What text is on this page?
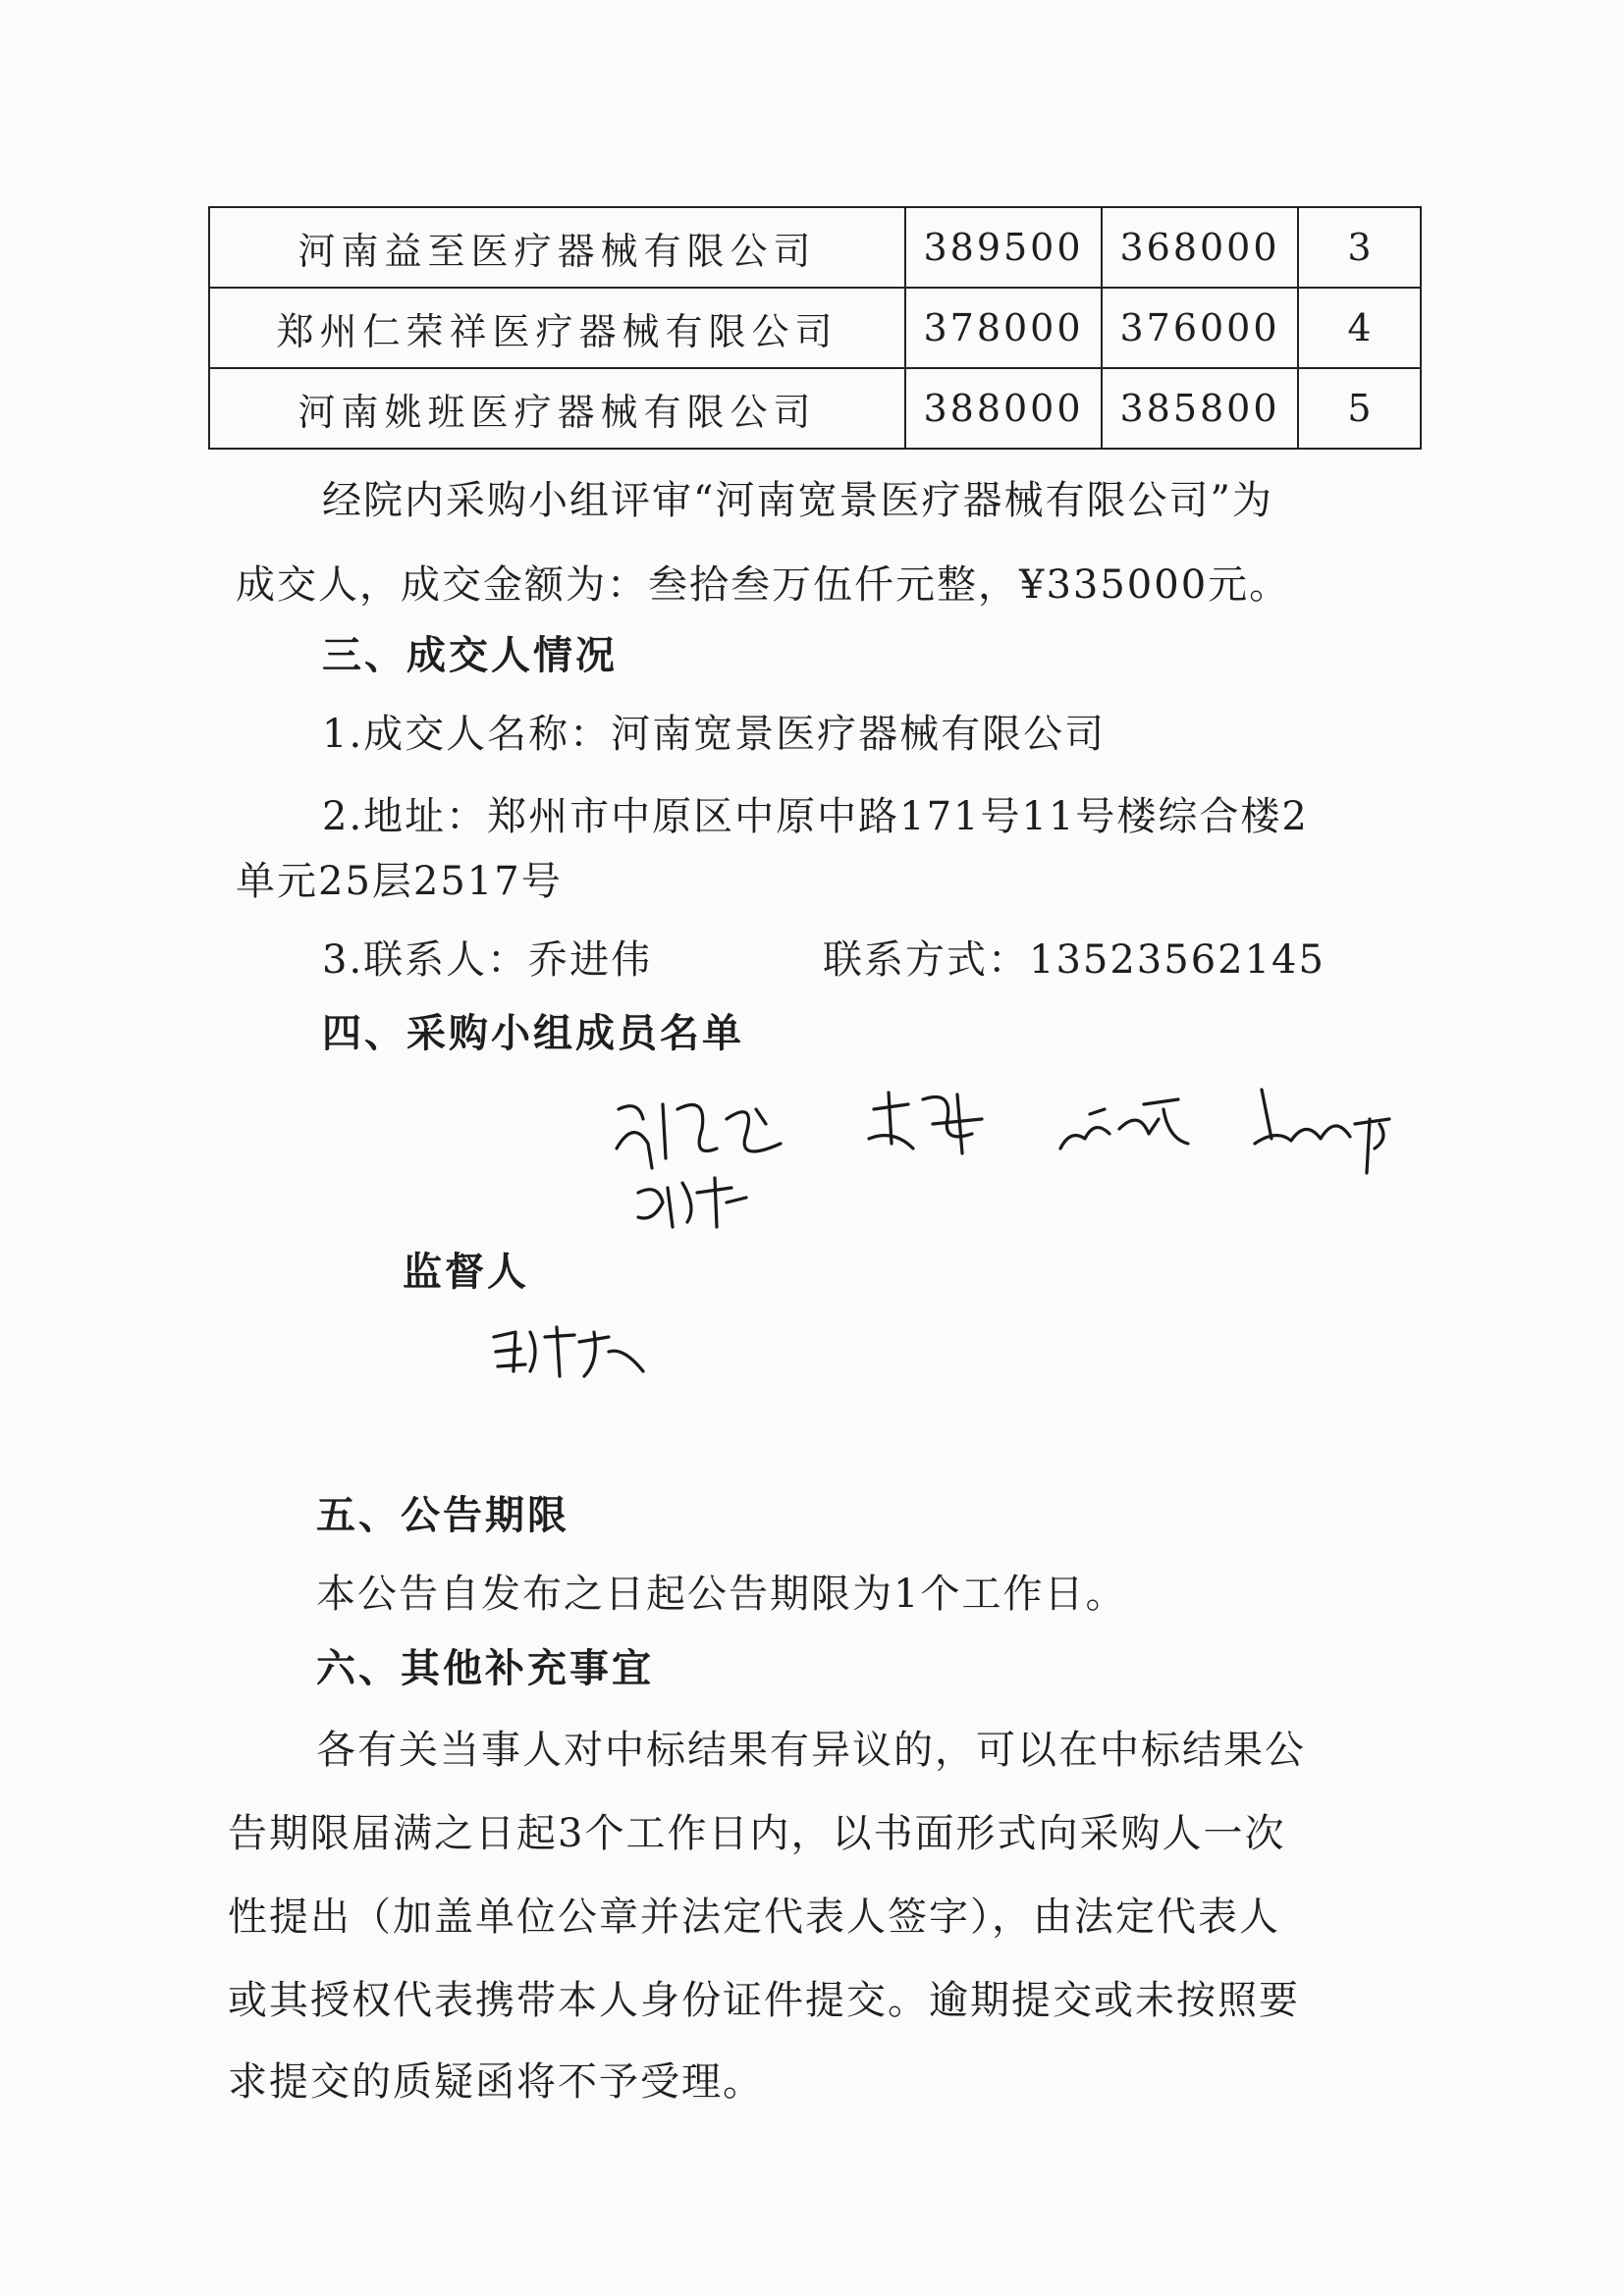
河南益至医疗器械有限公司	389500	368000	3
郑州仁荣祥医疗器械有限公司	378000	376000	4
河南姚班医疗器械有限公司	388000	385800	5
经院内采购小组评审“河南宽景医疗器械有限公司”为
成交人，成交金额为：叁拾叁万伍仟元整，¥335000元。
三、成交人情况
1.成交人名称：河南宽景医疗器械有限公司
2.地址：郑州市中原区中原中路171号11号楼综合楼2
单元25层2517号
3.联系人：乔进伟	联系方式：13523562145
四、采购小组成员名单
监督人
五、公告期限
本公告自发布之日起公告期限为1个工作日。
六、其他补充事宜
各有关当事人对中标结果有异议的，可以在中标结果公
告期限届满之日起3个工作日内，以书面形式向采购人一次
性提出（加盖单位公章并法定代表人签字），由法定代表人
或其授权代表携带本人身份证件提交。逾期提交或未按照要
求提交的质疑函将不予受理。
